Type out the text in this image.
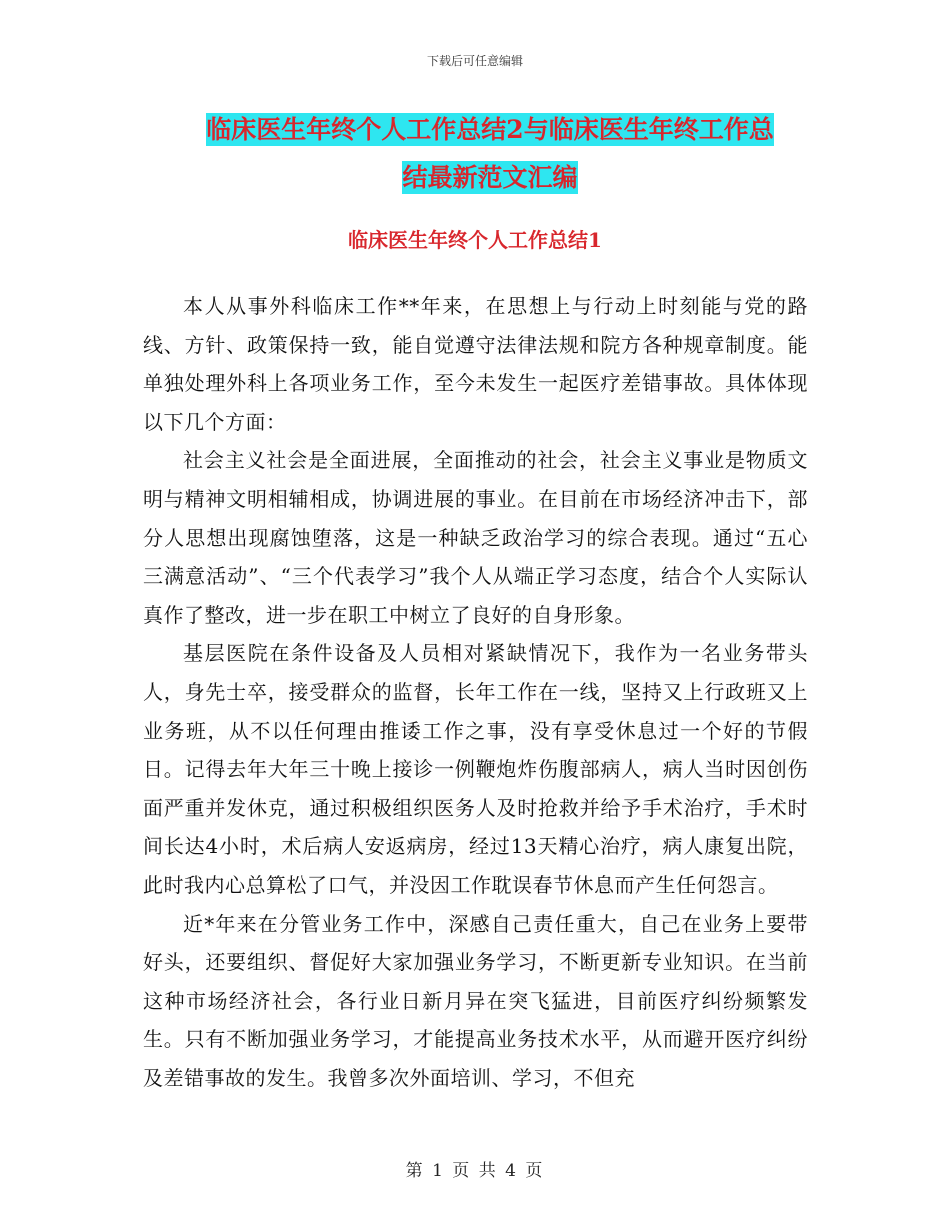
下载后可任意编辑
临床医生年终个人工作总结2与临床医生年终工作总
结最新范文汇编
临床医生年终个人工作总结1

本人从事外科临床工作**年来，在思想上与行动上时刻能与党的路线、方针、政策保持一致，能自觉遵守法律法规和院方各种规章制度。能单独处理外科上各项业务工作，至今未发生一起医疗差错事故。具体体现以下几个方面：

社会主义社会是全面进展，全面推动的社会，社会主义事业是物质文明与精神文明相辅相成，协调进展的事业。在目前在市场经济冲击下，部分人思想出现腐蚀堕落，这是一种缺乏政治学习的综合表现。通过“五心三满意活动”、“三个代表学习”我个人从端正学习态度，结合个人实际认真作了整改，进一步在职工中树立了良好的自身形象。

基层医院在条件设备及人员相对紧缺情况下，我作为一名业务带头人，身先士卒，接受群众的监督，长年工作在一线，坚持又上行政班又上业务班，从不以任何理由推诿工作之事，没有享受休息过一个好的节假日。记得去年大年三十晚上接诊一例鞭炮炸伤腹部病人，病人当时因创伤面严重并发休克，通过积极组织医务人及时抢救并给予手术治疗，手术时间长达4小时，术后病人安返病房，经过13天精心治疗，病人康复出院，此时我内心总算松了口气，并没因工作耽误春节休息而产生任何怨言。

近*年来在分管业务工作中，深感自己责任重大，自己在业务上要带好头，还要组织、督促好大家加强业务学习，不断更新专业知识。在当前这种市场经济社会，各行业日新月异在突飞猛进，目前医疗纠纷频繁发生。只有不断加强业务学习，才能提高业务技术水平，从而避开医疗纠纷及差错事故的发生。我曾多次外面培训、学习，不但充

第 1 页 共 4 页
